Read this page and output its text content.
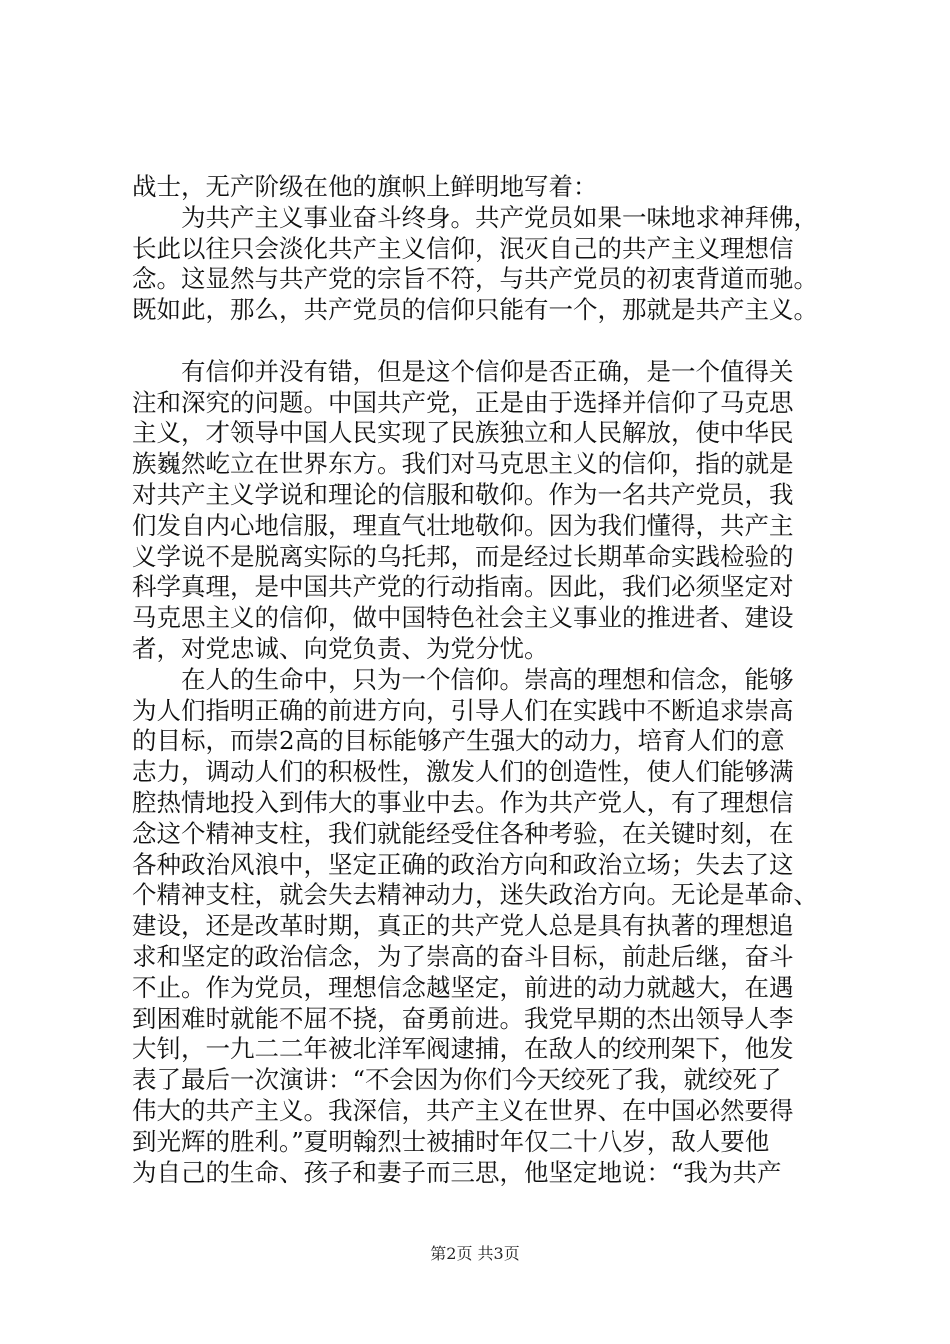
战士，无产阶级在他的旗帜上鲜明地写着：
为共产主义事业奋斗终身。共产党员如果一味地求神拜佛，
长此以往只会淡化共产主义信仰，泯灭自己的共产主义理想信
念。这显然与共产党的宗旨不符，与共产党员的初衷背道而驰。
既如此，那么，共产党员的信仰只能有一个，那就是共产主义。
有信仰并没有错，但是这个信仰是否正确，是一个值得关
注和深究的问题。中国共产党，正是由于选择并信仰了马克思
主义，才领导中国人民实现了民族独立和人民解放，使中华民
族巍然屹立在世界东方。我们对马克思主义的信仰，指的就是
对共产主义学说和理论的信服和敬仰。作为一名共产党员，我
们发自内心地信服，理直气壮地敬仰。因为我们懂得，共产主
义学说不是脱离实际的乌托邦，而是经过长期革命实践检验的
科学真理，是中国共产党的行动指南。因此，我们必须坚定对
马克思主义的信仰，做中国特色社会主义事业的推进者、建设
者，对党忠诚、向党负责、为党分忧。
在人的生命中，只为一个信仰。崇高的理想和信念，能够
为人们指明正确的前进方向，引导人们在实践中不断追求崇高
的目标，而崇2高的目标能够产生强大的动力，培育人们的意
志力，调动人们的积极性，激发人们的创造性，使人们能够满
腔热情地投入到伟大的事业中去。作为共产党人，有了理想信
念这个精神支柱，我们就能经受住各种考验，在关键时刻，在
各种政治风浪中，坚定正确的政治方向和政治立场；失去了这
个精神支柱，就会失去精神动力，迷失政治方向。无论是革命、
建设，还是改革时期，真正的共产党人总是具有执著的理想追
求和坚定的政治信念，为了崇高的奋斗目标，前赴后继，奋斗
不止。作为党员，理想信念越坚定，前进的动力就越大，在遇
到困难时就能不屈不挠，奋勇前进。我党早期的杰出领导人李
大钊，一九二二年被北洋军阀逮捕，在敌人的绞刑架下，他发
表了最后一次演讲：“不会因为你们今天绞死了我，就绞死了
伟大的共产主义。我深信，共产主义在世界、在中国必然要得
到光辉的胜利。”夏明翰烈士被捕时年仅二十八岁，敌人要他
为自己的生命、孩子和妻子而三思，他坚定地说：“我为共产
第2页 共3页
